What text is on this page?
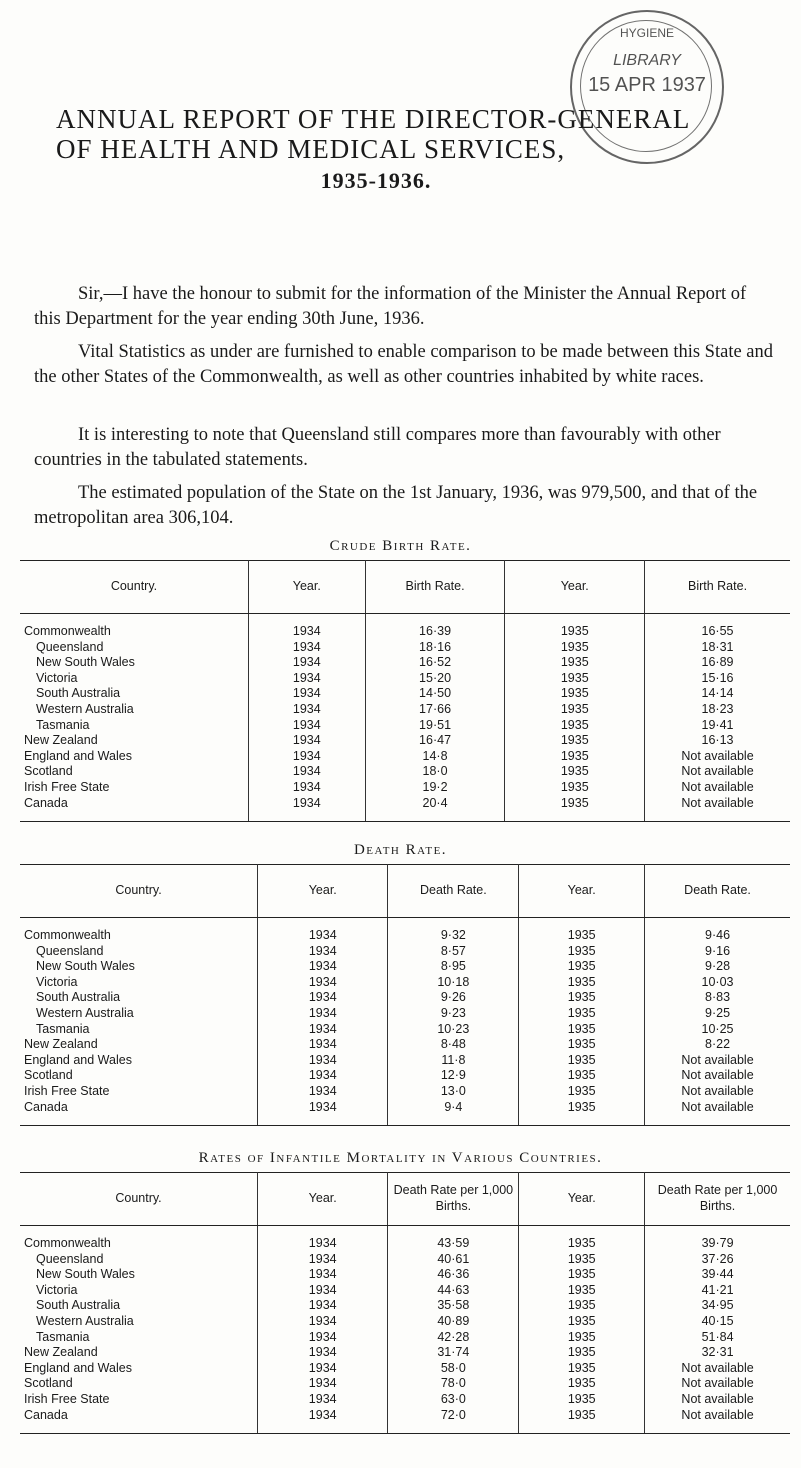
HYGIENE
LIBRARY
15 APR 1937
ANNUAL REPORT OF THE DIRECTOR-GENERAL
OF HEALTH AND MEDICAL SERVICES,
1935-1936.
Sir,—I have the honour to submit for the information of the Minister the Annual Report of this Department for the year ending 30th June, 1936.
Vital Statistics as under are furnished to enable comparison to be made between this State and the other States of the Commonwealth, as well as other countries inhabited by white races.
It is interesting to note that Queensland still compares more than favourably with other countries in the tabulated statements.
The estimated population of the State on the 1st January, 1936, was 979,500, and that of the metropolitan area 306,104.
Crude Birth Rate.
Country.	Year.	Birth Rate.	Year.	Birth Rate.
Commonwealth	1934	16·39	1935	16·55
Queensland	1934	18·16	1935	18·31
New South Wales	1934	16·52	1935	16·89
Victoria	1934	15·20	1935	15·16
South Australia	1934	14·50	1935	14·14
Western Australia	1934	17·66	1935	18·23
Tasmania	1934	19·51	1935	19·41
New Zealand	1934	16·47	1935	16·13
England and Wales	1934	14·8	1935	Not available
Scotland	1934	18·0	1935	Not available
Irish Free State	1934	19·2	1935	Not available
Canada	1934	20·4	1935	Not available
Death Rate.
Country.	Year.	Death Rate.	Year.	Death Rate.
Commonwealth	1934	9·32	1935	9·46
Queensland	1934	8·57	1935	9·16
New South Wales	1934	8·95	1935	9·28
Victoria	1934	10·18	1935	10·03
South Australia	1934	9·26	1935	8·83
Western Australia	1934	9·23	1935	9·25
Tasmania	1934	10·23	1935	10·25
New Zealand	1934	8·48	1935	8·22
England and Wales	1934	11·8	1935	Not available
Scotland	1934	12·9	1935	Not available
Irish Free State	1934	13·0	1935	Not available
Canada	1934	9·4	1935	Not available
Rates of Infantile Mortality in Various Countries.
Country.	Year.	Death Rate per 1,000 Births.	Year.	Death Rate per 1,000 Births.
Commonwealth	1934	43·59	1935	39·79
Queensland	1934	40·61	1935	37·26
New South Wales	1934	46·36	1935	39·44
Victoria	1934	44·63	1935	41·21
South Australia	1934	35·58	1935	34·95
Western Australia	1934	40·89	1935	40·15
Tasmania	1934	42·28	1935	51·84
New Zealand	1934	31·74	1935	32·31
England and Wales	1934	58·0	1935	Not available
Scotland	1934	78·0	1935	Not available
Irish Free State	1934	63·0	1935	Not available
Canada	1934	72·0	1935	Not available
